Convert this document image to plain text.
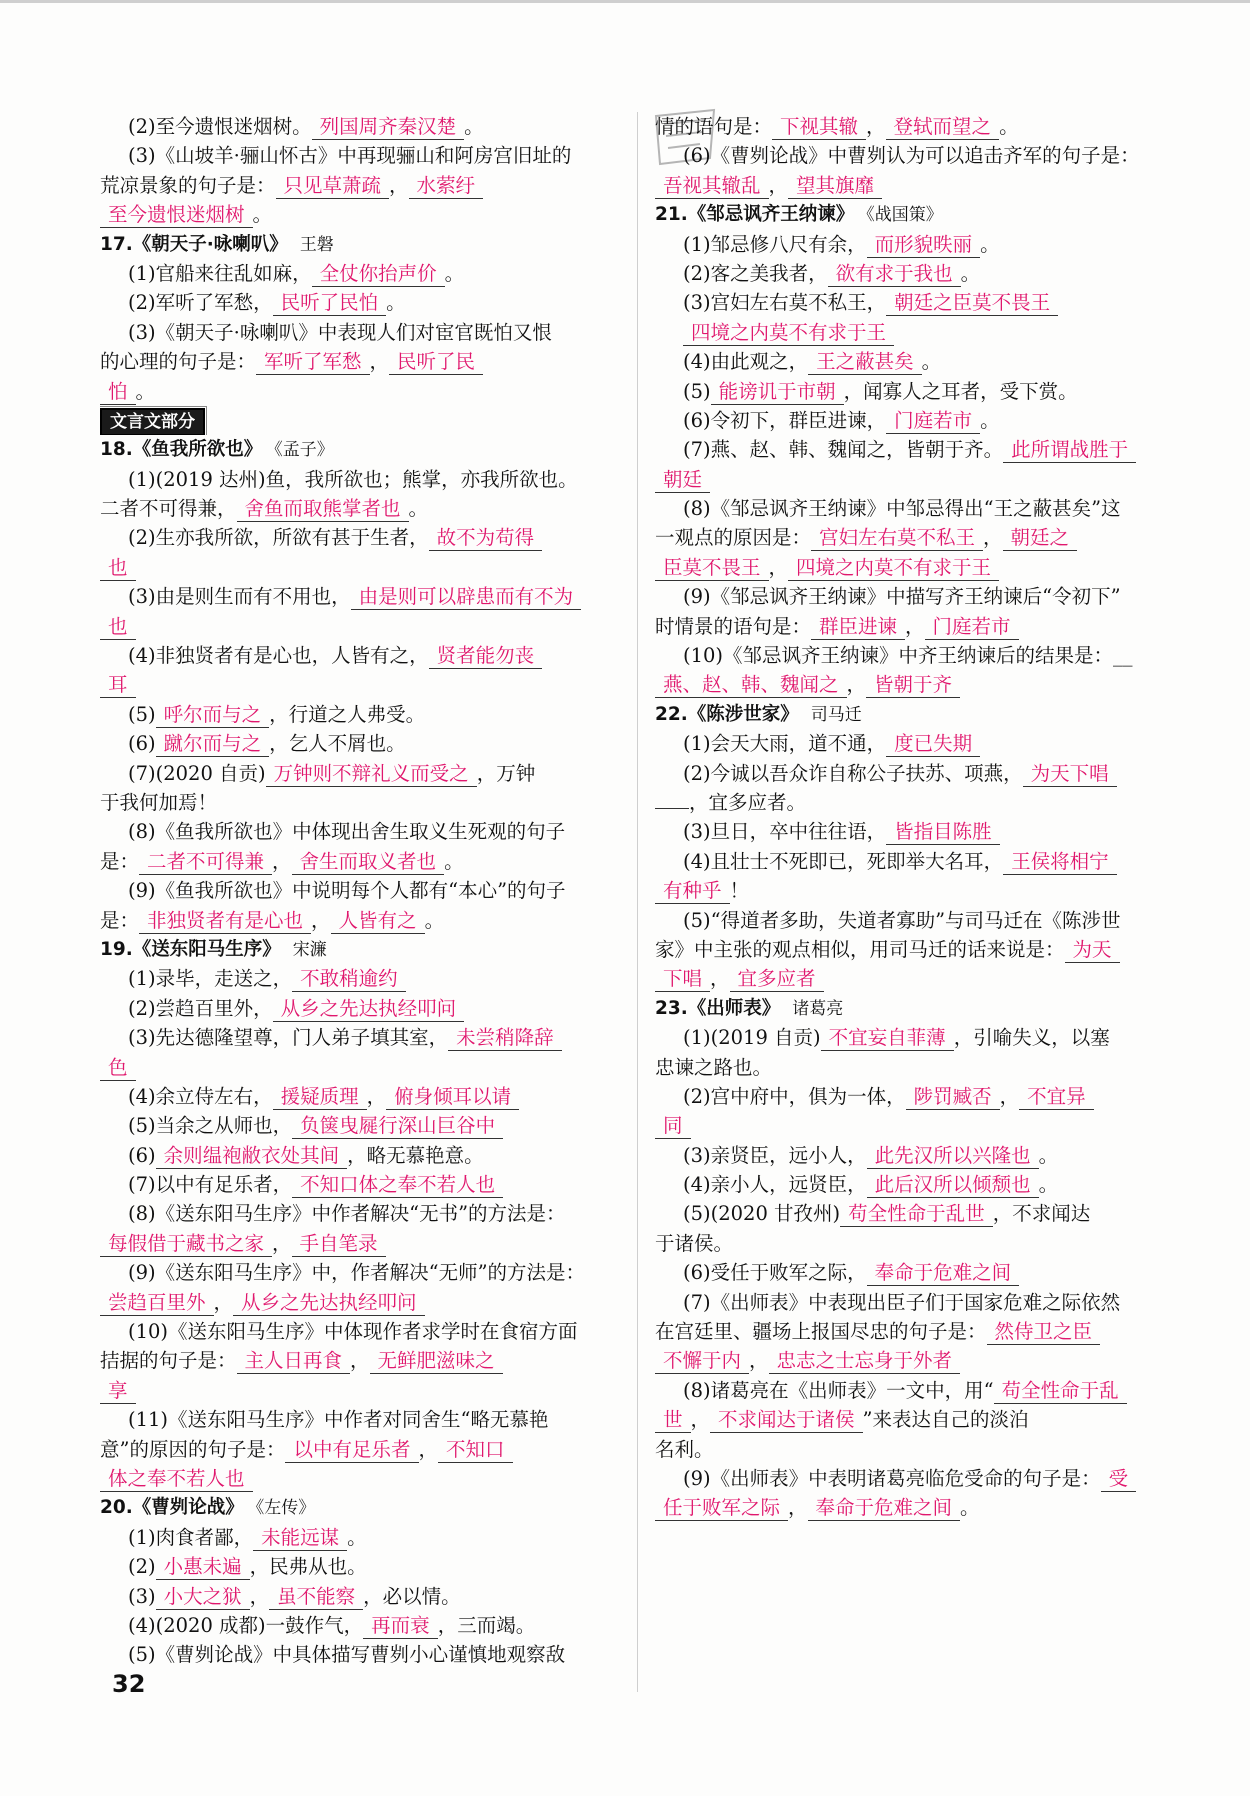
(2)至今遗恨迷烟树。 列国周齐秦汉楚 。
(3)《山坡羊·骊山怀古》中再现骊山和阿房宫旧址的
荒凉景象的句子是： 只见草萧疏 ， 水萦纡
至今遗恨迷烟树 。
17.《朝天子·咏喇叭》 王磐
(1)官船来往乱如麻， 全仗你抬声价 。
(2)军听了军愁， 民听了民怕 。
(3)《朝天子·咏喇叭》中表现人们对宦官既怕又恨
的心理的句子是： 军听了军愁 ， 民听了民
怕 。
文言文部分
18.《鱼我所欲也》 《孟子》
(1)(2019 达州)鱼，我所欲也；熊掌，亦我所欲也。
二者不可得兼， 舍鱼而取熊掌者也 。
(2)生亦我所欲，所欲有甚于生者， 故不为苟得
也
(3)由是则生而有不用也， 由是则可以辟患而有不为
也
(4)非独贤者有是心也，人皆有之， 贤者能勿丧
耳
(5) 呼尔而与之 ，行道之人弗受。
(6) 蹴尔而与之 ，乞人不屑也。
(7)(2020 自贡) 万钟则不辩礼义而受之 ，万钟
于我何加焉！
(8)《鱼我所欲也》中体现出舍生取义生死观的句子
是： 二者不可得兼 ， 舍生而取义者也 。
(9)《鱼我所欲也》中说明每个人都有“本心”的句子
是： 非独贤者有是心也 ， 人皆有之 。
19.《送东阳马生序》 宋濂
(1)录毕，走送之， 不敢稍逾约
(2)尝趋百里外， 从乡之先达执经叩问
(3)先达德隆望尊，门人弟子填其室， 未尝稍降辞
色
(4)余立侍左右， 援疑质理 ， 俯身倾耳以请
(5)当余之从师也， 负箧曳屣行深山巨谷中
(6) 余则缊袍敝衣处其间 ，略无慕艳意。
(7)以中有足乐者， 不知口体之奉不若人也
(8)《送东阳马生序》中作者解决“无书”的方法是：
每假借于藏书之家 ， 手自笔录
(9)《送东阳马生序》中，作者解决“无师”的方法是：
尝趋百里外 ， 从乡之先达执经叩问
(10)《送东阳马生序》中体现作者求学时在食宿方面
拮据的句子是： 主人日再食 ， 无鲜肥滋味之
享
(11)《送东阳马生序》中作者对同舍生“略无慕艳
意”的原因的句子是： 以中有足乐者 ， 不知口
体之奉不若人也
20.《曹刿论战》 《左传》
(1)肉食者鄙， 未能远谋 。
(2) 小惠未遍 ，民弗从也。
(3) 小大之狱 ， 虽不能察 ，必以情。
(4)(2020 成都)一鼓作气， 再而衰 ，三而竭。
(5)《曹刿论战》中具体描写曹刿小心谨慎地观察敌
情的语句是： 下视其辙 ， 登轼而望之 。
(6)《曹刿论战》中曹刿认为可以追击齐军的句子是：
吾视其辙乱 ， 望其旗靡
21.《邹忌讽齐王纳谏》 《战国策》
(1)邹忌修八尺有余， 而形貌昳丽 。
(2)客之美我者， 欲有求于我也 。
(3)宫妇左右莫不私王， 朝廷之臣莫不畏王
四境之内莫不有求于王
(4)由此观之， 王之蔽甚矣 。
(5) 能谤讥于市朝 ，闻寡人之耳者，受下赏。
(6)令初下，群臣进谏， 门庭若市 。
(7)燕、赵、韩、魏闻之，皆朝于齐。 此所谓战胜于
朝廷
(8)《邹忌讽齐王纳谏》中邹忌得出“王之蔽甚矣”这
一观点的原因是： 宫妇左右莫不私王 ， 朝廷之
臣莫不畏王 ， 四境之内莫不有求于王
(9)《邹忌讽齐王纳谏》中描写齐王纳谏后“令初下”
时情景的语句是： 群臣进谏 ， 门庭若市
(10)《邹忌讽齐王纳谏》中齐王纳谏后的结果是：__
燕、赵、韩、魏闻之 ， 皆朝于齐
22.《陈涉世家》 司马迁
(1)会天大雨，道不通， 度已失期
(2)今诚以吾众诈自称公子扶苏、项燕， 为天下唱
，宜多应者。
(3)旦日，卒中往往语， 皆指目陈胜
(4)且壮士不死即已，死即举大名耳， 王侯将相宁
有种乎 ！
(5)“得道者多助，失道者寡助”与司马迁在《陈涉世
家》中主张的观点相似，用司马迁的话来说是： 为天
下唱 ， 宜多应者
23.《出师表》 诸葛亮
(1)(2019 自贡) 不宜妄自菲薄 ，引喻失义，以塞
忠谏之路也。
(2)宫中府中，俱为一体， 陟罚臧否 ， 不宜异
同
(3)亲贤臣，远小人， 此先汉所以兴隆也 。
(4)亲小人，远贤臣， 此后汉所以倾颓也 。
(5)(2020 甘孜州) 苟全性命于乱世 ，不求闻达
于诸侯。
(6)受任于败军之际， 奉命于危难之间
(7)《出师表》中表现出臣子们于国家危难之际依然
在宫廷里、疆场上报国尽忠的句子是： 然侍卫之臣
不懈于内 ， 忠志之士忘身于外者
(8)诸葛亮在《出师表》一文中，用“ 苟全性命于乱
世 ， 不求闻达于诸侯 ”来表达自己的淡泊
名利。
(9)《出师表》中表明诸葛亮临危受命的句子是： 受
任于败军之际 ， 奉命于危难之间 。
32
